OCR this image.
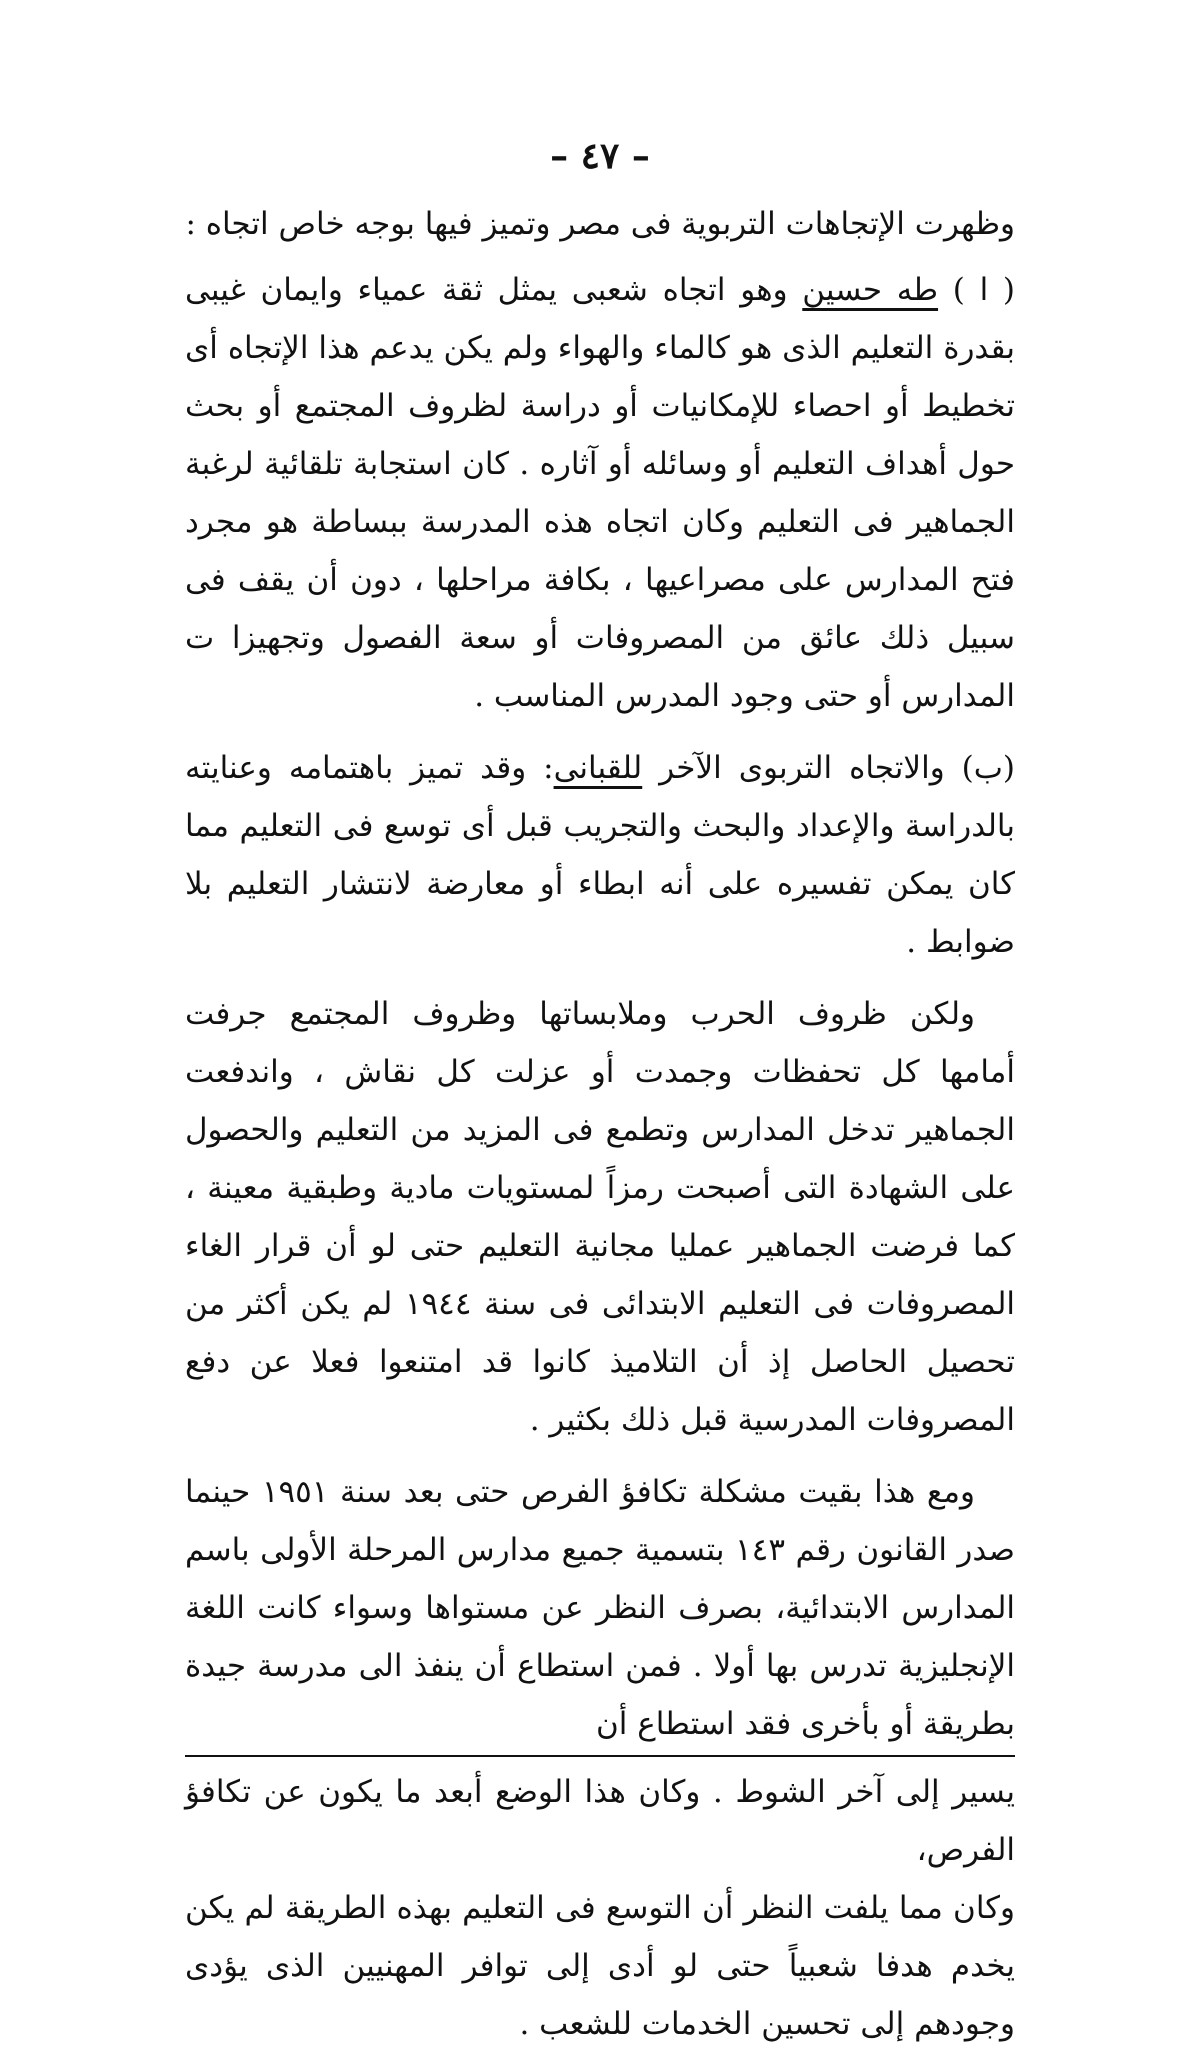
– ٤٧ –

وظهرت الإتجاهات التربوية فى مصر وتميز فيها بوجه خاص اتجاه :

( ا ) طه حسين وهو اتجاه شعبى يمثل ثقة عمياء وايمان غيبى بقدرة التعليم الذى هو كالماء والهواء ولم يكن يدعم هذا الإتجاه أى تخطيط أو احصاء للإمكانيات أو دراسة لظروف المجتمع أو بحث حول أهداف التعليم أو وسائله أو آثاره . كان استجابة تلقائية لرغبة الجماهير فى التعليم وكان اتجاه هذه المدرسة ببساطة هو مجرد فتح المدارس على مصراعيها ، بكافة مراحلها ، دون أن يقف فى سبيل ذلك عائق من المصروفات أو سعة الفصول وتجهيزا ت المدارس أو حتى وجود المدرس المناسب .

(ب) والاتجاه التربوى الآخر للقبانى: وقد تميز باهتمامه وعنايته بالدراسة والإعداد والبحث والتجريب قبل أى توسع فى التعليم مما كان يمكن تفسيره على أنه ابطاء أو معارضة لانتشار التعليم بلا ضوابط .

ولكن ظروف الحرب وملابساتها وظروف المجتمع جرفت أمامها كل تحفظات وجمدت أو عزلت كل نقاش ، واندفعت الجماهير تدخل المدارس وتطمع فى المزيد من التعليم والحصول على الشهادة التى أصبحت رمزاً لمستويات مادية وطبقية معينة ، كما فرضت الجماهير عمليا مجانية التعليم حتى لو أن قرار الغاء المصروفات فى التعليم الابتدائى فى سنة ١٩٤٤ لم يكن أكثر من تحصيل الحاصل إذ أن التلاميذ كانوا قد امتنعوا فعلا عن دفع المصروفات المدرسية قبل ذلك بكثير .

ومع هذا بقيت مشكلة تكافؤ الفرص حتى بعد سنة ١٩٥١ حينما صدر القانون رقم ١٤٣ بتسمية جميع مدارس المرحلة الأولى باسم المدارس الابتدائية، بصرف النظر عن مستواها وسواء كانت اللغة الإنجليزية تدرس بها أولا . فمن استطاع أن ينفذ الى مدرسة جيدة بطريقة أو بأخرى فقد استطاع أن

يسير إلى آخر الشوط . وكان هذا الوضع أبعد ما يكون عن تكافؤ الفرص،

وكان مما يلفت النظر أن التوسع فى التعليم بهذه الطريقة لم يكن يخدم هدفا شعبياً حتى لو أدى إلى توافر المهنيين الذى يؤدى وجودهم إلى تحسين الخدمات للشعب .
